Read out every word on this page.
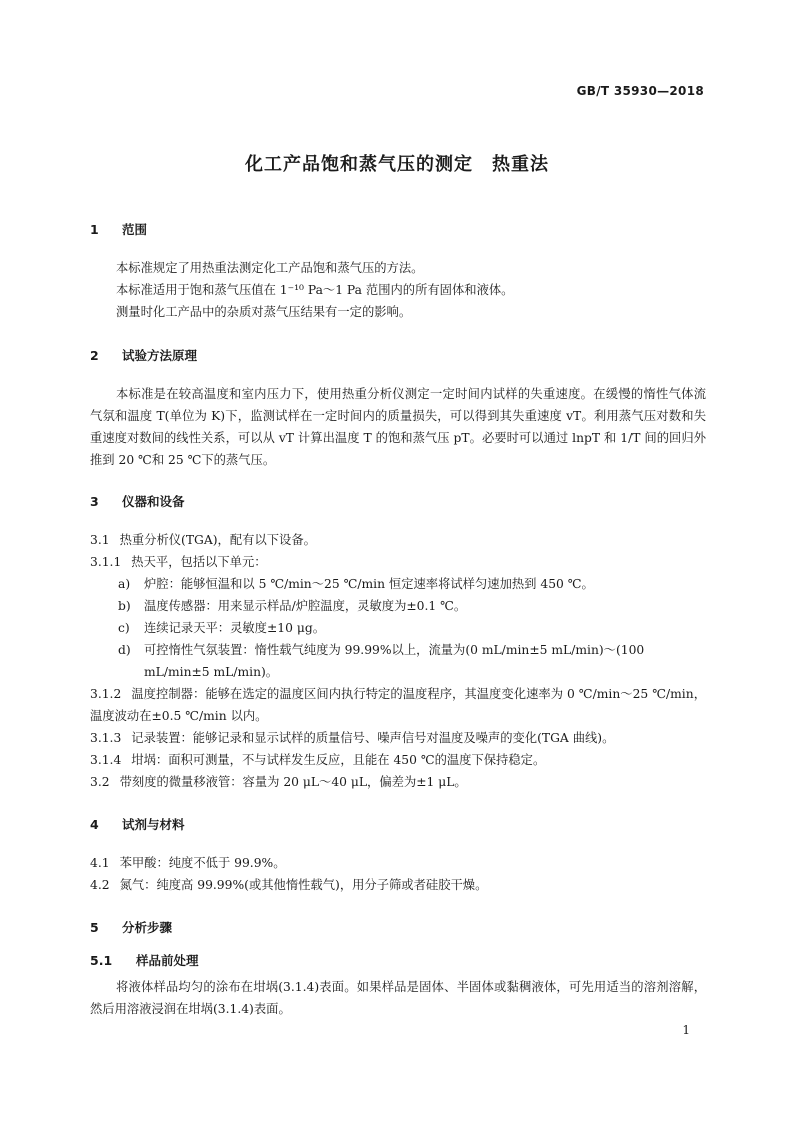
GB/T 35930—2018
化工产品饱和蒸气压的测定　热重法
1 范围
本标准规定了用热重法测定化工产品饱和蒸气压的方法。
本标准适用于饱和蒸气压值在 1⁻¹⁰ Pa～1 Pa 范围内的所有固体和液体。
测量时化工产品中的杂质对蒸气压结果有一定的影响。
2 试验方法原理
本标准是在较高温度和室内压力下，使用热重分析仪测定一定时间内试样的失重速度。在缓慢的惰性气体流气氛和温度 T(单位为 K)下，监测试样在一定时间内的质量损失，可以得到其失重速度 vT。利用蒸气压对数和失重速度对数间的线性关系，可以从 vT 计算出温度 T 的饱和蒸气压 pT。必要时可以通过 lnpT 和 1/T 间的回归外推到 20 ℃和 25 ℃下的蒸气压。
3 仪器和设备
3.1 热重分析仪(TGA)，配有以下设备。
3.1.1 热天平，包括以下单元：
a)	炉腔：能够恒温和以 5 ℃/min～25 ℃/min 恒定速率将试样匀速加热到 450 ℃。
b)	温度传感器：用来显示样品/炉腔温度，灵敏度为±0.1 ℃。
c)	连续记录天平：灵敏度±10 μg。
d)	可控惰性气氛装置：惰性载气纯度为 99.99%以上，流量为(0 mL/min±5 mL/min)～(100 mL/min±5 mL/min)。
3.1.2 温度控制器：能够在选定的温度区间内执行特定的温度程序，其温度变化速率为 0 ℃/min～25 ℃/min，温度波动在±0.5 ℃/min 以内。
3.1.3 记录装置：能够记录和显示试样的质量信号、噪声信号对温度及噪声的变化(TGA 曲线)。
3.1.4 坩埚：面积可测量，不与试样发生反应，且能在 450 ℃的温度下保持稳定。
3.2 带刻度的微量移液管：容量为 20 μL～40 μL，偏差为±1 μL。
4 试剂与材料
4.1 苯甲酸：纯度不低于 99.9%。
4.2 氮气：纯度高 99.99%(或其他惰性载气)，用分子筛或者硅胶干燥。
5 分析步骤
5.1 样品前处理
将液体样品均匀的涂布在坩埚(3.1.4)表面。如果样品是固体、半固体或黏稠液体，可先用适当的溶剂溶解，然后用溶液浸润在坩埚(3.1.4)表面。
1
